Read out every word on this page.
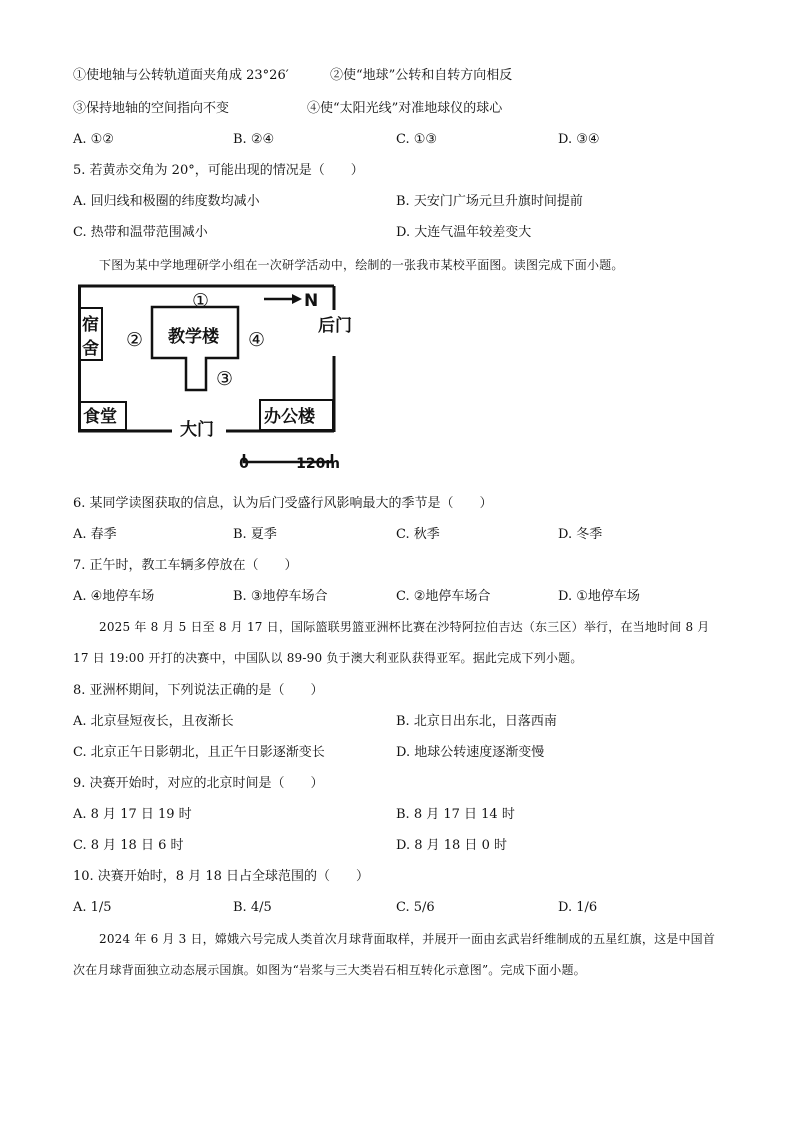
①使地轴与公转轨道面夹角成 23°26′	②使“地球”公转和自转方向相反
③保持地轴的空间指向不变	④使“太阳光线”对准地球仪的球心
A. ①②	B. ②④	C. ①③	D. ③④
5. 若黄赤交角为 20°，可能出现的情况是（　　）
A. 回归线和极圈的纬度数均减小	B. 天安门广场元旦升旗时间提前
C. 热带和温带范围减小	D. 大连气温年较差变大
下图为某中学地理研学小组在一次研学活动中，绘制的一张我市某校平面图。读图完成下面小题。
N
①
②
③
④
宿
舍
教学楼
后门
食堂	办公楼
大门
0	120m
6. 某同学读图获取的信息，认为后门受盛行风影响最大的季节是（　　）
A. 春季	B. 夏季	C. 秋季	D. 冬季
7. 正午时，教工车辆多停放在（　　）
A. ④地停车场	B. ③地停车场合	C. ②地停车场合	D. ①地停车场
2025 年 8 月 5 日至 8 月 17 日，国际篮联男篮亚洲杯比赛在沙特阿拉伯吉达（东三区）举行，在当地时间 8 月 17 日 19:00 开打的决赛中，中国队以 89-90 负于澳大利亚队获得亚军。据此完成下列小题。
8. 亚洲杯期间，下列说法正确的是（　　）
A. 北京昼短夜长，且夜渐长	B. 北京日出东北，日落西南
C. 北京正午日影朝北，且正午日影逐渐变长	D. 地球公转速度逐渐变慢
9. 决赛开始时，对应的北京时间是（　　）
A. 8 月 17 日 19 时	B. 8 月 17 日 14 时
C. 8 月 18 日 6 时	D. 8 月 18 日 0 时
10. 决赛开始时，8 月 18 日占全球范围的（　　）
A. 1/5	B. 4/5	C. 5/6	D. 1/6
2024 年 6 月 3 日，嫦娥六号完成人类首次月球背面取样，并展开一面由玄武岩纤维制成的五星红旗，这是中国首次在月球背面独立动态展示国旗。如图为“岩浆与三大类岩石相互转化示意图”。完成下面小题。
